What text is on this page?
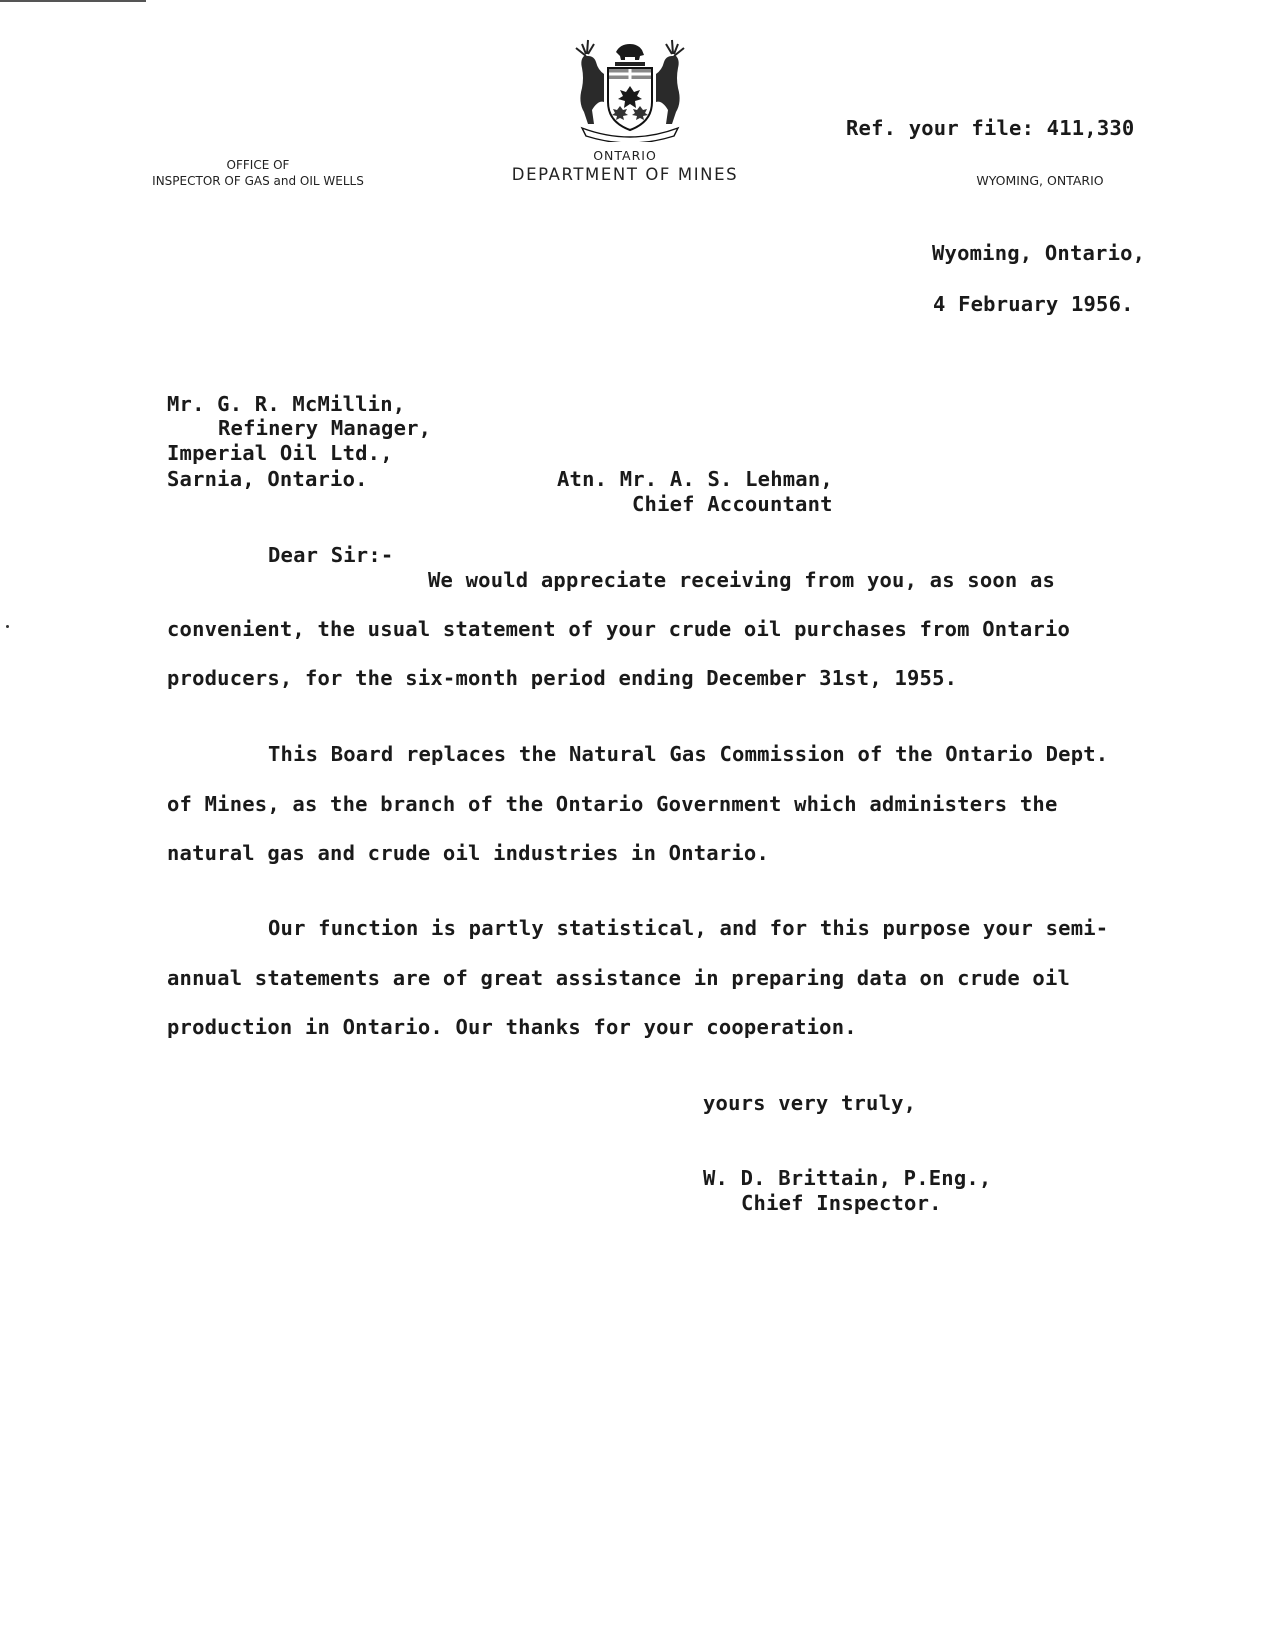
OFFICE OF
INSPECTOR OF GAS and OIL WELLS
ONTARIO
DEPARTMENT OF MINES	WYOMING, ONTARIO
Ref. your file: 411,330
Wyoming, Ontario,
4 February 1956.
Mr. G. R. McMillin,
Refinery Manager,
Imperial Oil Ltd.,
Sarnia, Ontario.	Atn. Mr. A. S. Lehman,
Chief Accountant
Dear Sir:-
We would appreciate receiving from you, as soon as
convenient, the usual statement of your crude oil purchases from Ontario
producers, for the six-month period ending December 31st, 1955.
This Board replaces the Natural Gas Commission of the Ontario Dept.
of Mines, as the branch of the Ontario Government which administers the
natural gas and crude oil industries in Ontario.
Our function is partly statistical, and for this purpose your semi-
annual statements are of great assistance in preparing data on crude oil
production in Ontario. Our thanks for your cooperation.
yours very truly,
W. D. Brittain, P.Eng.,
Chief Inspector.
